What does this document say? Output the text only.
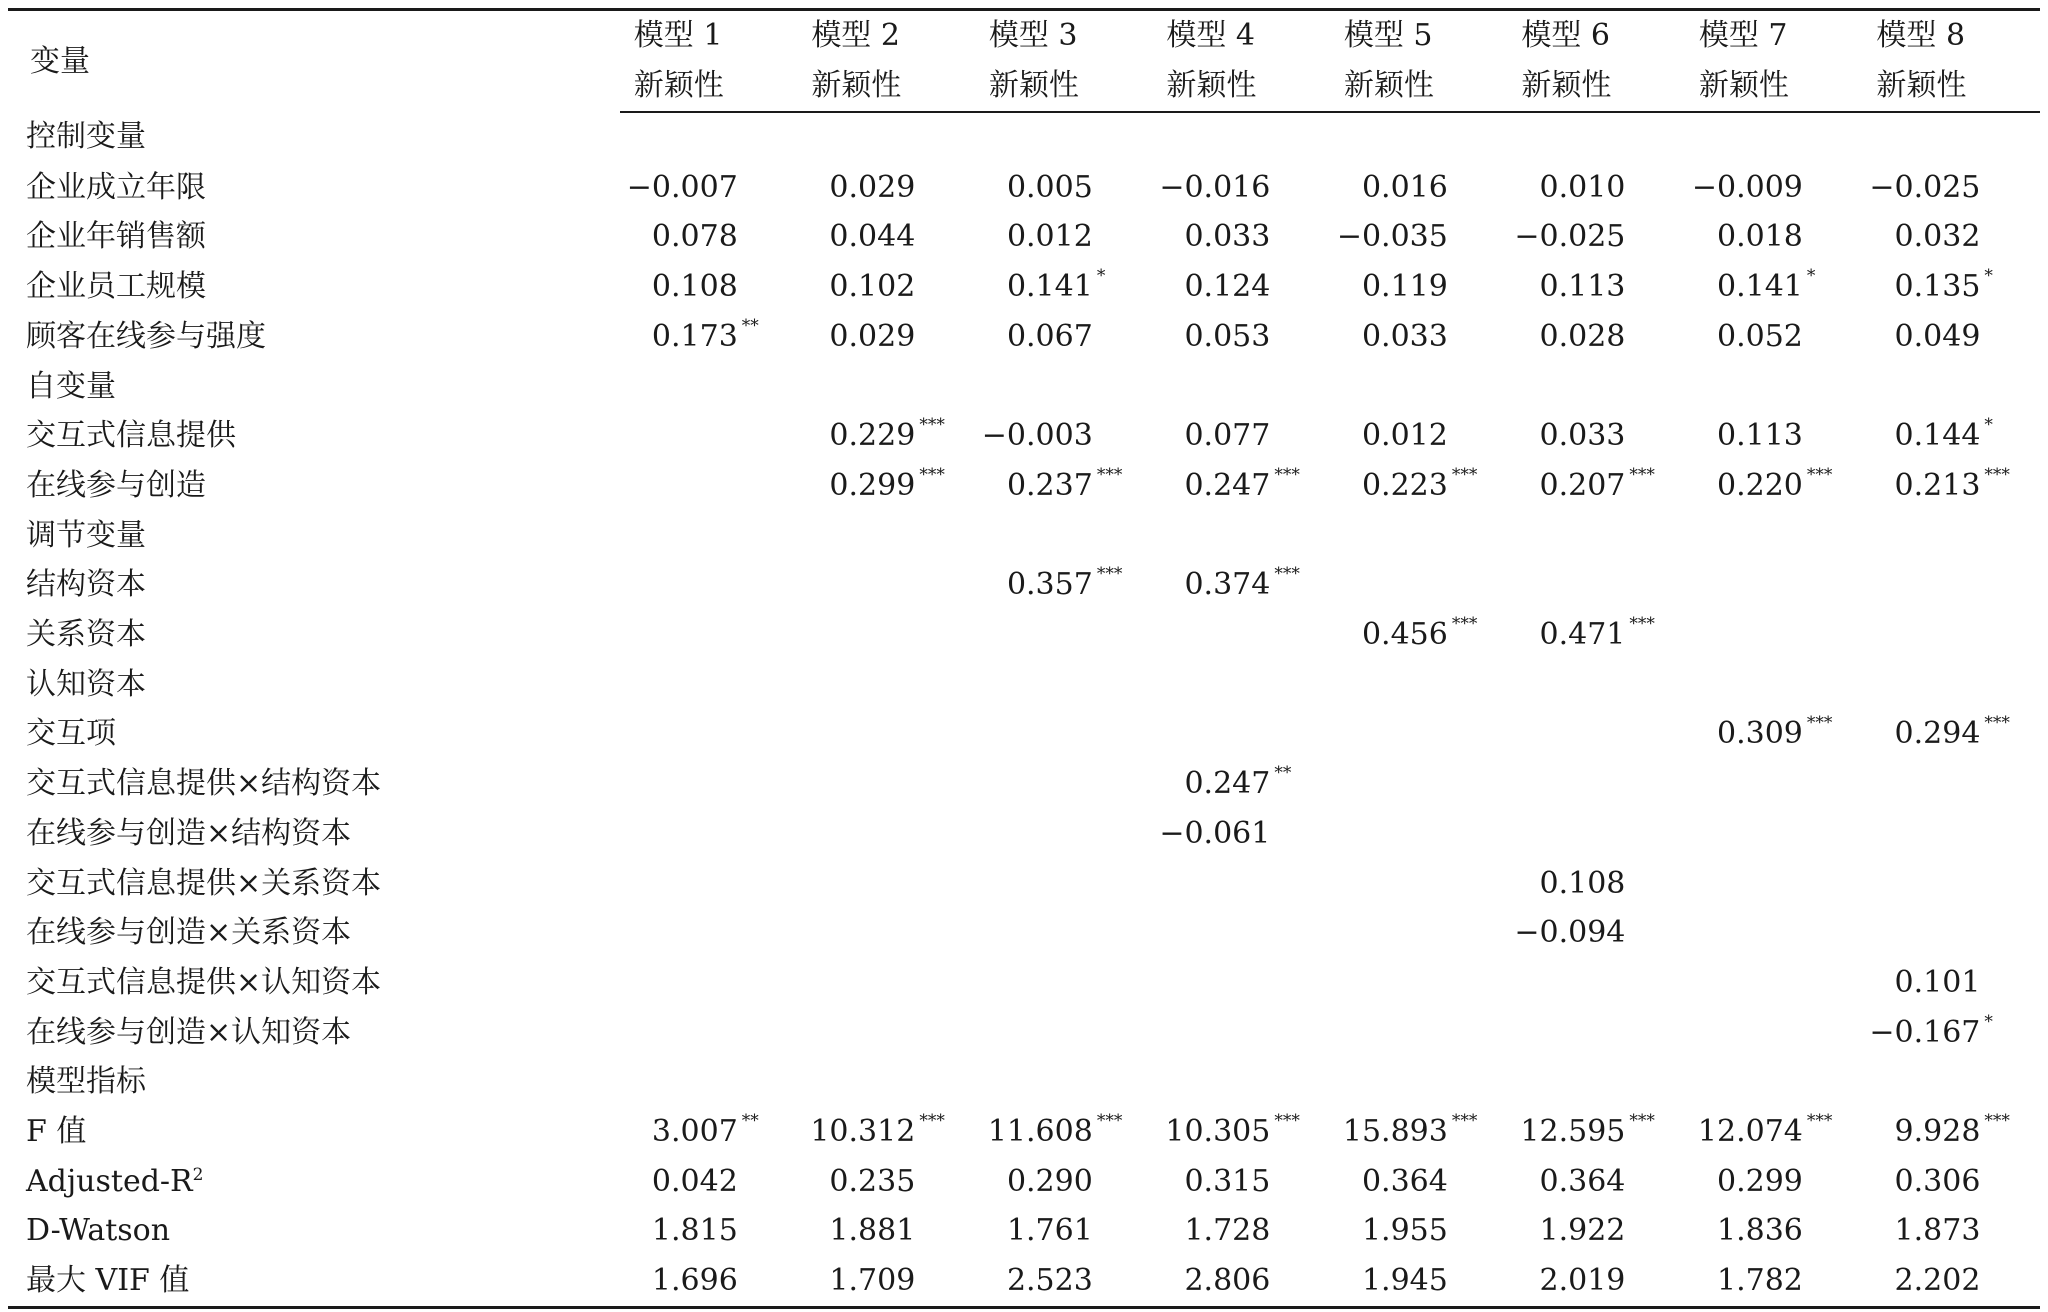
变量	模型 1	模型 2	模型 3	模型 4	模型 5	模型 6	模型 7	模型 8
	新颖性	新颖性	新颖性	新颖性	新颖性	新颖性	新颖性	新颖性
控制变量								
企业成立年限	−0.007	0.029	0.005	−0.016	0.016	0.010	−0.009	−0.025
企业年销售额	0.078	0.044	0.012	0.033	−0.035	−0.025	0.018	0.032
企业员工规模	0.108	0.102	0.141 *	0.124	0.119	0.113	0.141 *	0.135 *
顾客在线参与强度	0.173 **	0.029	0.067	0.053	0.033	0.028	0.052	0.049
自变量								
交互式信息提供		0.229 ***	−0.003	0.077	0.012	0.033	0.113	0.144 *
在线参与创造		0.299 ***	0.237 ***	0.247 ***	0.223 ***	0.207 ***	0.220 ***	0.213 ***
调节变量								
结构资本			0.357 ***	0.374 ***				
关系资本					0.456 ***	0.471 ***		
认知资本								
交互项							0.309 ***	0.294 ***
交互式信息提供×结构资本				0.247 **				
在线参与创造×结构资本				−0.061				
交互式信息提供×关系资本						0.108		
在线参与创造×关系资本						−0.094		
交互式信息提供×认知资本								0.101
在线参与创造×认知资本								−0.167 *
模型指标								
F 值	3.007 **	10.312 ***	11.608 ***	10.305 ***	15.893 ***	12.595 ***	12.074 ***	9.928 ***
Adjusted-$R^2$	0.042	0.235	0.290	0.315	0.364	0.364	0.299	0.306
D-Watson	1.815	1.881	1.761	1.728	1.955	1.922	1.836	1.873
最大 VIF 值	1.696	1.709	2.523	2.806	1.945	2.019	1.782	2.202
